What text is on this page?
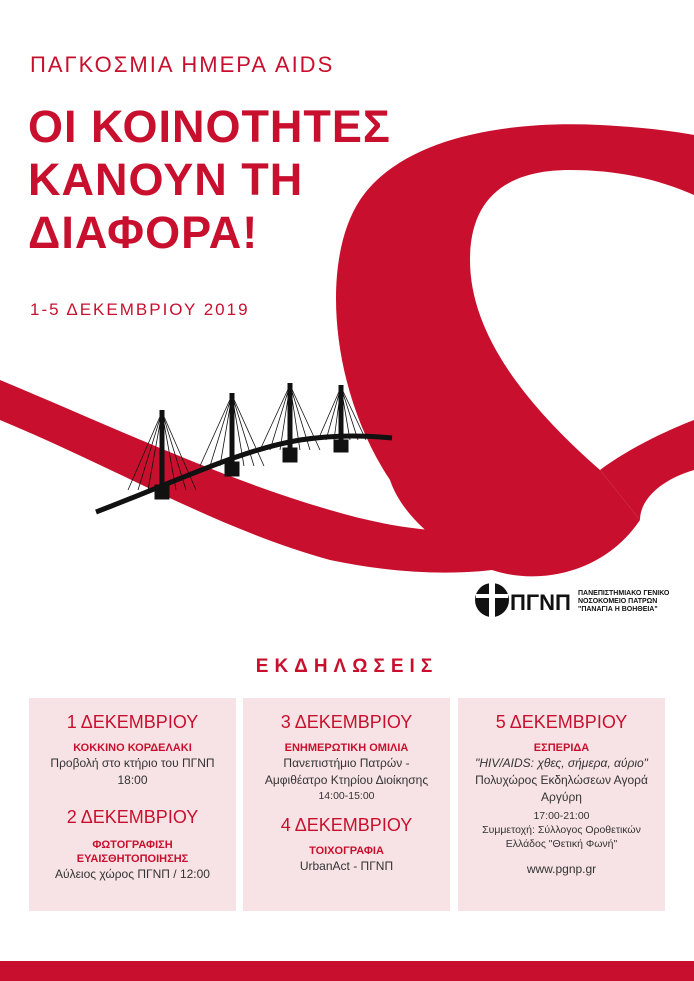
ΠΑΓΚΟΣΜΙΑ ΗΜΕΡΑ AIDS
ΟΙ ΚΟΙΝΟΤΗΤΕΣ
ΚΑΝΟΥΝ ΤΗ
ΔΙΑΦΟΡΑ!
1-5 ΔΕΚΕΜΒΡΙΟΥ 2019
ΠΓΝΠ ΠΑΝΕΠΙΣΤΗΜΙΑΚΟ ΓΕΝΙΚΟ
ΝΟΣΟΚΟΜΕΙΟ ΠΑΤΡΩΝ
"ΠΑΝΑΓΙΑ Η ΒΟΗΘΕΙΑ"
ΕΚΔΗΛΩΣΕΙΣ
1 ΔΕΚΕΜΒΡΙΟΥ
ΚΟΚΚΙΝΟ ΚΟΡΔΕΛΑΚΙ
Προβολή στο κτήριο του ΠΓΝΠ
18:00
2 ΔΕΚΕΜΒΡΙΟΥ
ΦΩΤΟΓΡΑΦΙΣΗ
ΕΥΑΙΣΘΗΤΟΠΟΙΗΣΗΣ
Αύλειος χώρος ΠΓΝΠ / 12:00
3 ΔΕΚΕΜΒΡΙΟΥ
ΕΝΗΜΕΡΩΤΙΚΗ ΟΜΙΛΙΑ
Πανεπιστήμιο Πατρών -
Αμφιθέατρο Κτηρίου Διοίκησης
14:00-15:00
4 ΔΕΚΕΜΒΡΙΟΥ
ΤΟΙΧΟΓΡΑΦΙΑ
UrbanAct - ΠΓΝΠ
5 ΔΕΚΕΜΒΡΙΟΥ
ΕΣΠΕΡΙΔΑ
"HIV/AIDS: χθες, σήμερα, αύριο"
Πολυχώρος Εκδηλώσεων Αγορά
Αργύρη
17:00-21:00
Συμμετοχή: Σύλλογος Οροθετικών
Ελλάδος "Θετική Φωνή"
www.pgnp.gr
